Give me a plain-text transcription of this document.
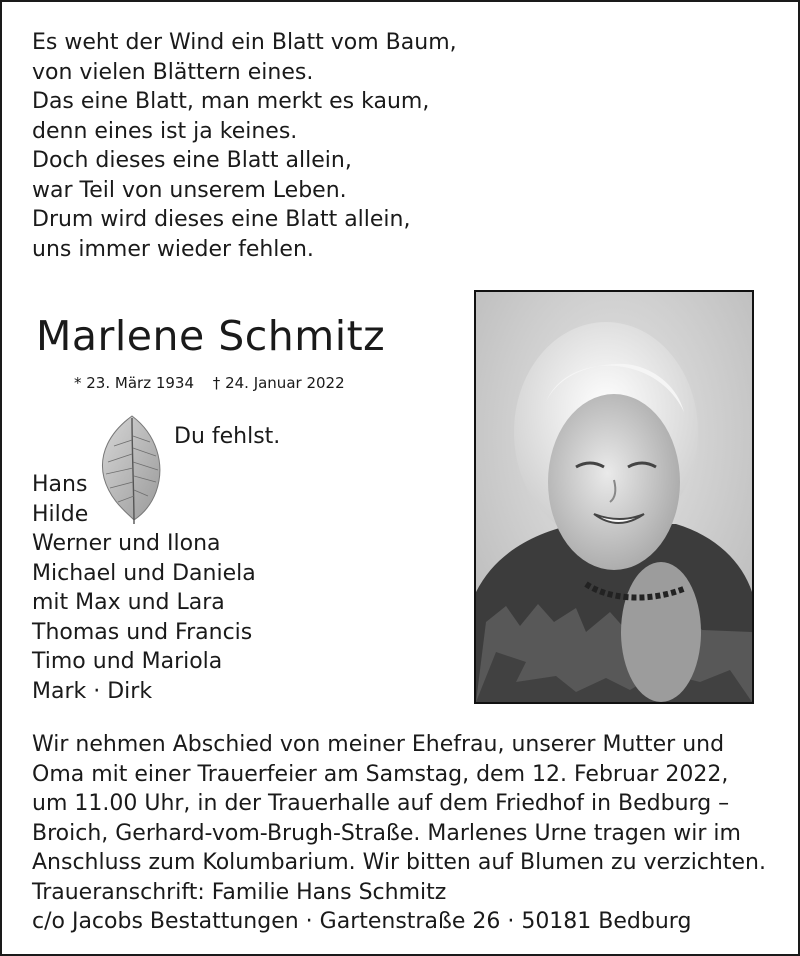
Es weht der Wind ein Blatt vom Baum,
von vielen Blättern eines.
Das eine Blatt, man merkt es kaum,
denn eines ist ja keines.
Doch dieses eine Blatt allein,
war Teil von unserem Leben.
Drum wird dieses eine Blatt allein,
uns immer wieder fehlen.
Marlene Schmitz
* 23. März 1934 † 24. Januar 2022
Du fehlst.
Hans
Hilde
Werner und Ilona
Michael und Daniela
mit Max und Lara
Thomas und Francis
Timo und Mariola
Mark · Dirk
Wir nehmen Abschied von meiner Ehefrau, unserer Mutter und
Oma mit einer Trauerfeier am Samstag, dem 12. Februar 2022,
um 11.00 Uhr, in der Trauerhalle auf dem Friedhof in Bedburg –
Broich, Gerhard-vom-Brugh-Straße. Marlenes Urne tragen wir im
Anschluss zum Kolumbarium. Wir bitten auf Blumen zu verzichten.
Traueranschrift: Familie Hans Schmitz
c/o Jacobs Bestattungen · Gartenstraße 26 · 50181 Bedburg
